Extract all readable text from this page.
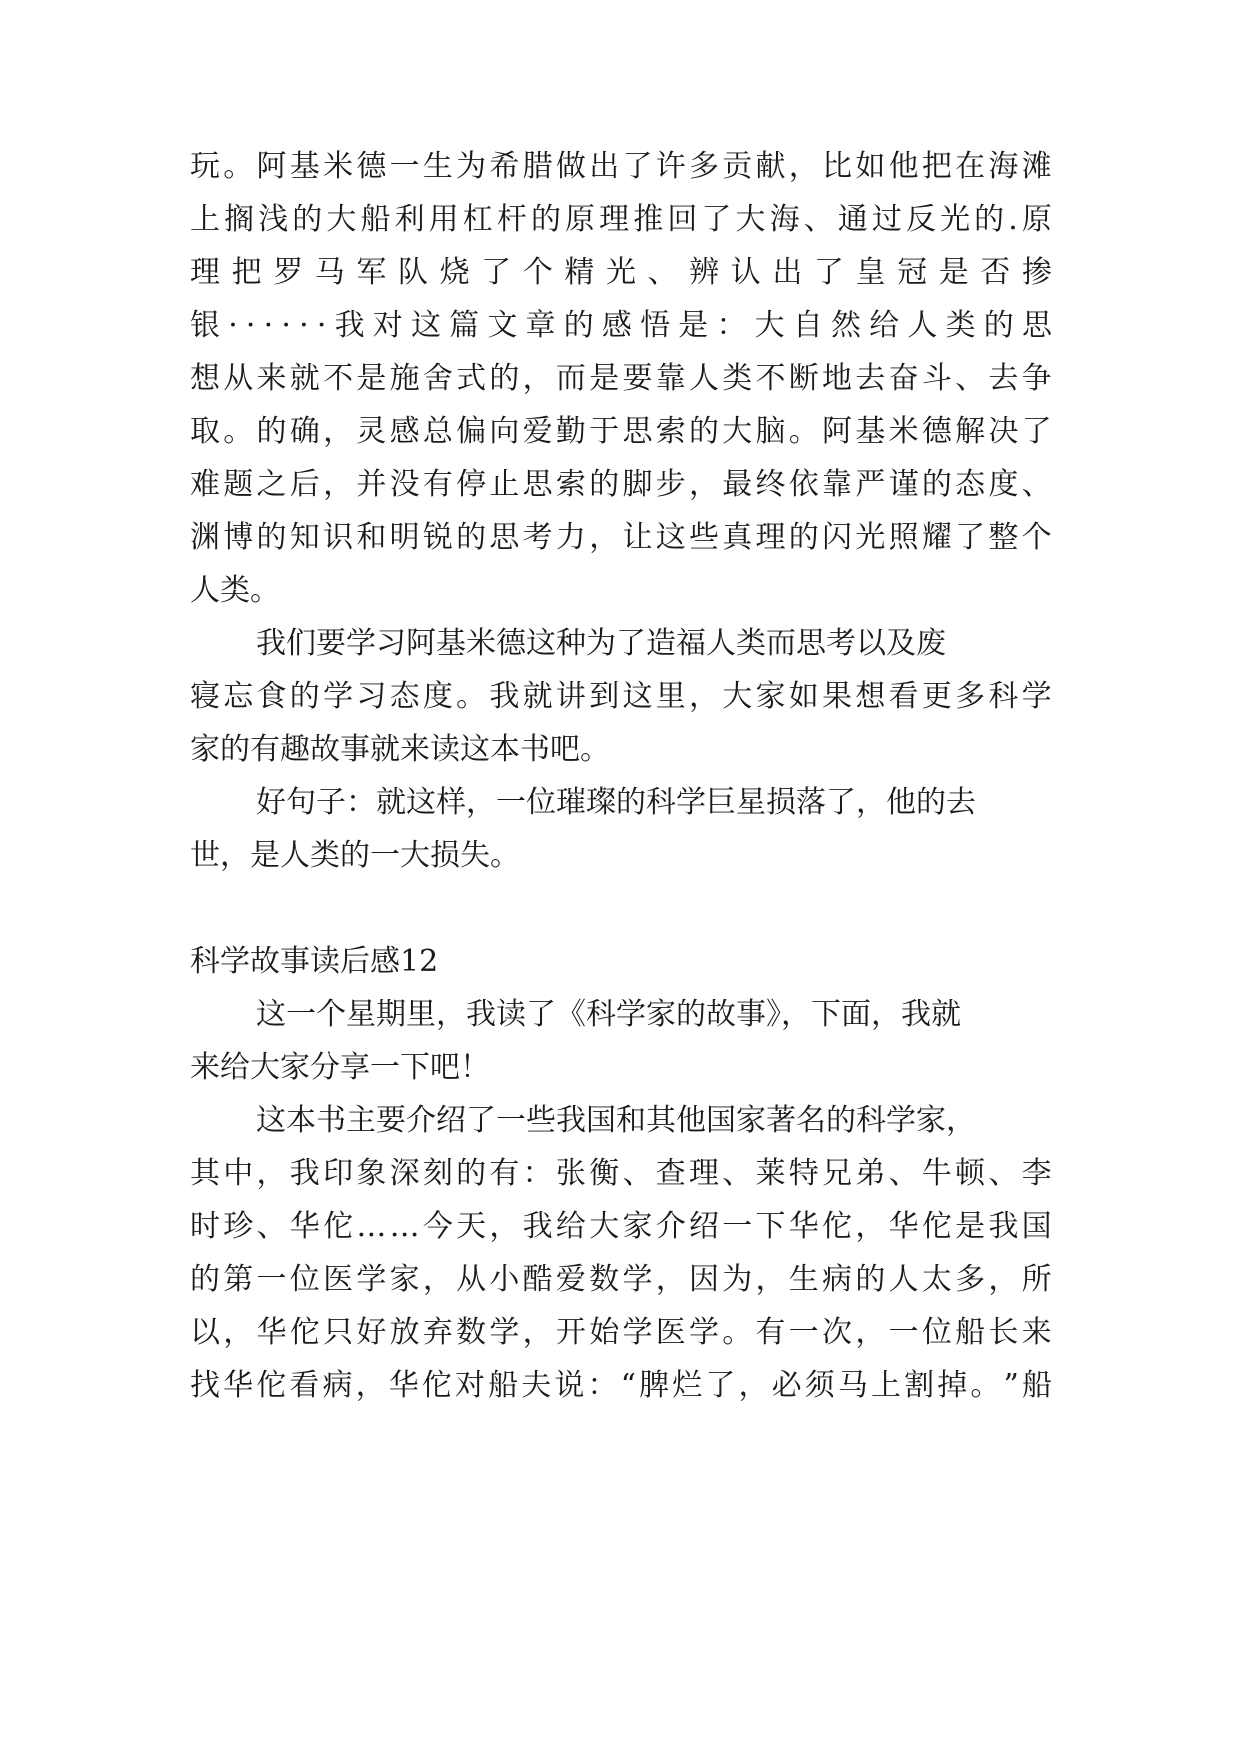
玩 。 阿 基 米 德 一 生 为 希 腊 做 出 了 许 多 贡 献 ， 比 如 他 把 在 海 滩
上 搁 浅 的 大 船 利 用 杠 杆 的 原 理 推 回 了 大 海 、 通 过 反 光 的 . 原
理 把 罗 马 军 队 烧 了 个 精 光 、 辨 认 出 了 皇 冠 是 否 掺
银 · · · · · · 我 对 这 篇 文 章 的 感 悟 是 ： 大 自 然 给 人 类 的 思
想 从 来 就 不 是 施 舍 式 的 ， 而 是 要 靠 人 类 不 断 地 去 奋 斗 、 去 争
取 。 的 确 ， 灵 感 总 偏 向 爱 勤 于 思 索 的 大 脑 。 阿 基 米 德 解 决 了
难 题 之 后 ， 并 没 有 停 止 思 索 的 脚 步 ， 最 终 依 靠 严 谨 的 态 度 、
渊 博 的 知 识 和 明 锐 的 思 考 力 ， 让 这 些 真 理 的 闪 光 照 耀 了 整 个
人类。
我们要学习阿基米德这种为了造福人类而思考以及废
寝 忘 食 的 学 习 态 度 。 我 就 讲 到 这 里 ， 大 家 如 果 想 看 更 多 科 学
家的有趣故事就来读这本书吧。
好句子：就这样，一位璀璨的科学巨星损落了，他的去
世，是人类的一大损失。
科学故事读后感12
这一个星期里，我读了《科学家的故事》，下面，我就
来给大家分享一下吧！
这本书主要介绍了一些我国和其他国家著名的科学家，
其 中 ， 我 印 象 深 刻 的 有 ： 张 衡 、 查 理 、 莱 特 兄 弟 、 牛 顿 、 李
时 珍 、 华 佗 … … 今 天 ， 我 给 大 家 介 绍 一 下 华 佗 ， 华 佗 是 我 国
的 第 一 位 医 学 家 ， 从 小 酷 爱 数 学 ， 因 为 ， 生 病 的 人 太 多 ， 所
以 ， 华 佗 只 好 放 弃 数 学 ， 开 始 学 医 学 。 有 一 次 ， 一 位 船 长 来
找 华 佗 看 病 ， 华 佗 对 船 夫 说 ： “ 脾 烂 了 ， 必 须 马 上 割 掉 。 ” 船
